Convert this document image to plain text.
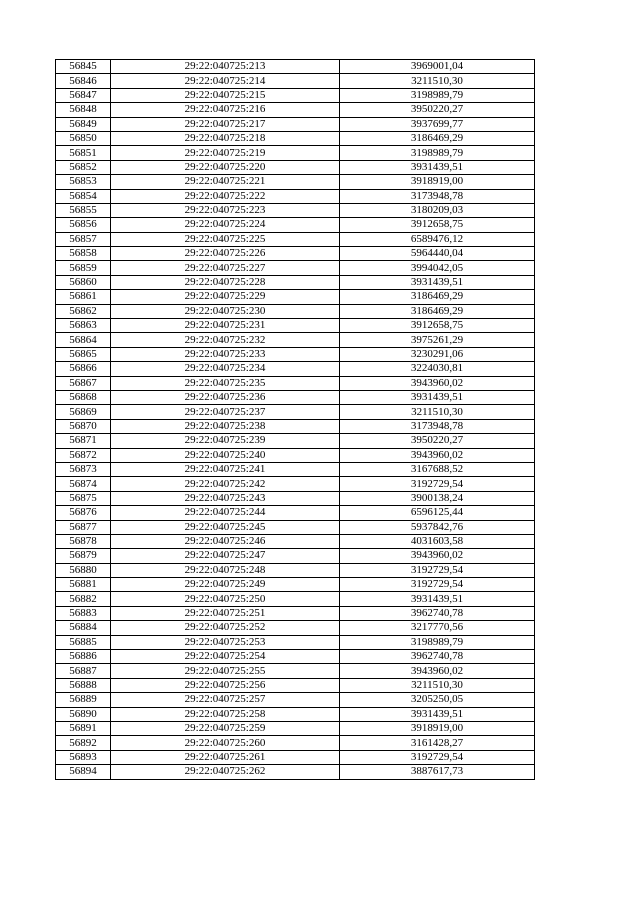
56845	29:22:040725:213	3969001,04
56846	29:22:040725:214	3211510,30
56847	29:22:040725:215	3198989,79
56848	29:22:040725:216	3950220,27
56849	29:22:040725:217	3937699,77
56850	29:22:040725:218	3186469,29
56851	29:22:040725:219	3198989,79
56852	29:22:040725:220	3931439,51
56853	29:22:040725:221	3918919,00
56854	29:22:040725:222	3173948,78
56855	29:22:040725:223	3180209,03
56856	29:22:040725:224	3912658,75
56857	29:22:040725:225	6589476,12
56858	29:22:040725:226	5964440,04
56859	29:22:040725:227	3994042,05
56860	29:22:040725:228	3931439,51
56861	29:22:040725:229	3186469,29
56862	29:22:040725:230	3186469,29
56863	29:22:040725:231	3912658,75
56864	29:22:040725:232	3975261,29
56865	29:22:040725:233	3230291,06
56866	29:22:040725:234	3224030,81
56867	29:22:040725:235	3943960,02
56868	29:22:040725:236	3931439,51
56869	29:22:040725:237	3211510,30
56870	29:22:040725:238	3173948,78
56871	29:22:040725:239	3950220,27
56872	29:22:040725:240	3943960,02
56873	29:22:040725:241	3167688,52
56874	29:22:040725:242	3192729,54
56875	29:22:040725:243	3900138,24
56876	29:22:040725:244	6596125,44
56877	29:22:040725:245	5937842,76
56878	29:22:040725:246	4031603,58
56879	29:22:040725:247	3943960,02
56880	29:22:040725:248	3192729,54
56881	29:22:040725:249	3192729,54
56882	29:22:040725:250	3931439,51
56883	29:22:040725:251	3962740,78
56884	29:22:040725:252	3217770,56
56885	29:22:040725:253	3198989,79
56886	29:22:040725:254	3962740,78
56887	29:22:040725:255	3943960,02
56888	29:22:040725:256	3211510,30
56889	29:22:040725:257	3205250,05
56890	29:22:040725:258	3931439,51
56891	29:22:040725:259	3918919,00
56892	29:22:040725:260	3161428,27
56893	29:22:040725:261	3192729,54
56894	29:22:040725:262	3887617,73
